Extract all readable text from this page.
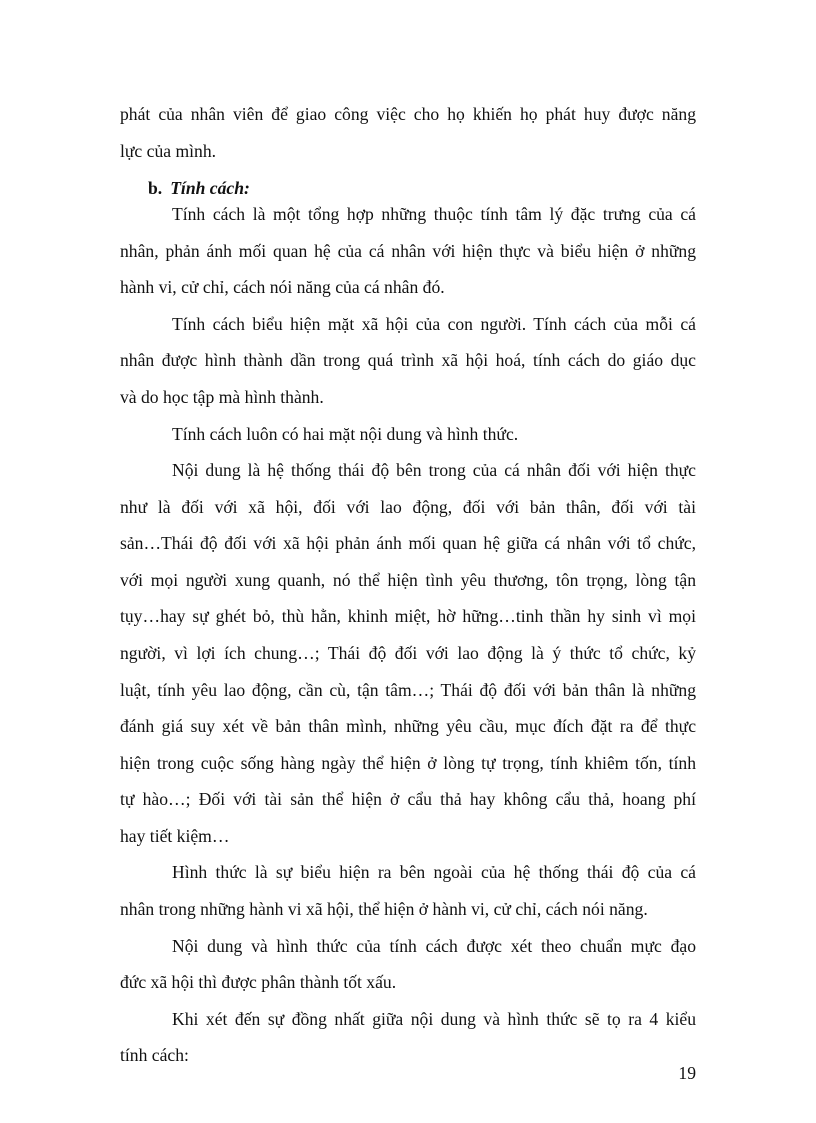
phát của nhân viên để giao công việc cho họ khiến họ phát huy được năng
lực của mình.
b. Tính cách:
Tính cách là một tổng hợp những thuộc tính tâm lý đặc trưng của cá
nhân, phản ánh mối quan hệ của cá nhân với hiện thực và biểu hiện ở những
hành vi, cử chỉ, cách nói năng của cá nhân đó.
Tính cách biểu hiện mặt xã hội của con người. Tính cách của mỗi cá
nhân được hình thành dần trong quá trình xã hội hoá, tính cách do giáo dục
và do học tập mà hình thành.
Tính cách luôn có hai mặt nội dung và hình thức.
Nội dung là hệ thống thái độ bên trong của cá nhân đối với hiện thực
như là đối với xã hội, đối với lao động, đối với bản thân, đối với tài
sản…Thái độ đối với xã hội phản ánh mối quan hệ giữa cá nhân với tổ chức,
với mọi người xung quanh, nó thể hiện tình yêu thương, tôn trọng, lòng tận
tụy…hay sự ghét bỏ, thù hằn, khinh miệt, hờ hững…tinh thần hy sinh vì mọi
người, vì lợi ích chung…; Thái độ đối với lao động là ý thức tổ chức, kỷ
luật, tính yêu lao động, cần cù, tận tâm…; Thái độ đối với bản thân là những
đánh giá suy xét về bản thân mình, những yêu cầu, mục đích đặt ra để thực
hiện trong cuộc sống hàng ngày thể hiện ở lòng tự trọng, tính khiêm tốn, tính
tự hào…; Đối với tài sản thể hiện ở cẩu thả hay không cẩu thả, hoang phí
hay tiết kiệm…
Hình thức là sự biểu hiện ra bên ngoài của hệ thống thái độ của cá
nhân trong những hành vi xã hội, thể hiện ở hành vi, cử chỉ, cách nói năng.
Nội dung và hình thức của tính cách được xét theo chuẩn mực đạo
đức xã hội thì được phân thành tốt xấu.
Khi xét đến sự đồng nhất giữa nội dung và hình thức sẽ tọ ra 4 kiểu
tính cách:
19
